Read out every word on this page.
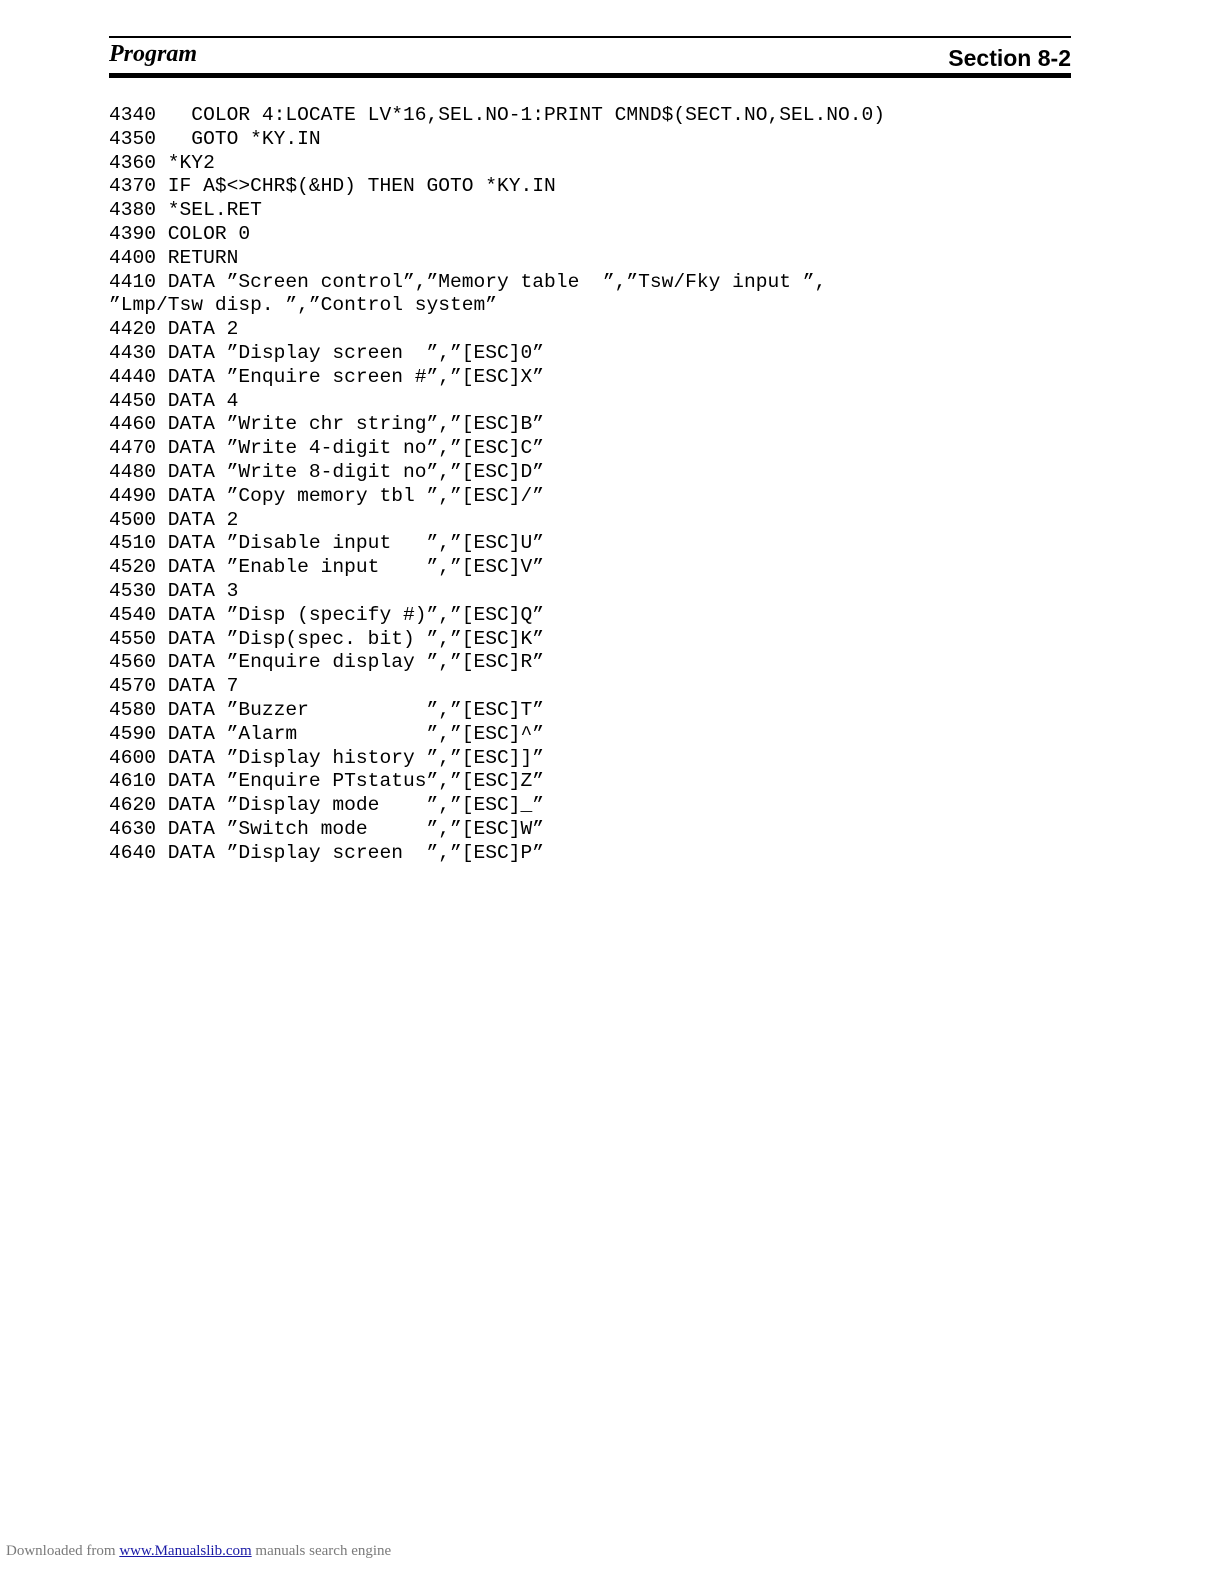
Program	Section 8-2
4340   COLOR 4:LOCATE LV*16,SEL.NO-1:PRINT CMND$(SECT.NO,SEL.NO.0)
4350   GOTO *KY.IN
4360 *KY2
4370 IF A$<>CHR$(&HD) THEN GOTO *KY.IN
4380 *SEL.RET
4390 COLOR 0
4400 RETURN
4410 DATA ”Screen control”,”Memory table  ”,”Tsw/Fky input ”,
”Lmp/Tsw disp. ”,”Control system”
4420 DATA 2
4430 DATA ”Display screen  ”,”[ESC]0”
4440 DATA ”Enquire screen #”,”[ESC]X”
4450 DATA 4
4460 DATA ”Write chr string”,”[ESC]B”
4470 DATA ”Write 4-digit no”,”[ESC]C”
4480 DATA ”Write 8-digit no”,”[ESC]D”
4490 DATA ”Copy memory tbl ”,”[ESC]/”
4500 DATA 2
4510 DATA ”Disable input   ”,”[ESC]U”
4520 DATA ”Enable input    ”,”[ESC]V”
4530 DATA 3
4540 DATA ”Disp (specify #)”,”[ESC]Q”
4550 DATA ”Disp(spec. bit) ”,”[ESC]K”
4560 DATA ”Enquire display ”,”[ESC]R”
4570 DATA 7
4580 DATA ”Buzzer          ”,”[ESC]T”
4590 DATA ”Alarm           ”,”[ESC]^”
4600 DATA ”Display history ”,”[ESC]]”
4610 DATA ”Enquire PTstatus”,”[ESC]Z”
4620 DATA ”Display mode    ”,”[ESC]_”
4630 DATA ”Switch mode     ”,”[ESC]W”
4640 DATA ”Display screen  ”,”[ESC]P”
Downloaded from www.Manualslib.com manuals search engine
